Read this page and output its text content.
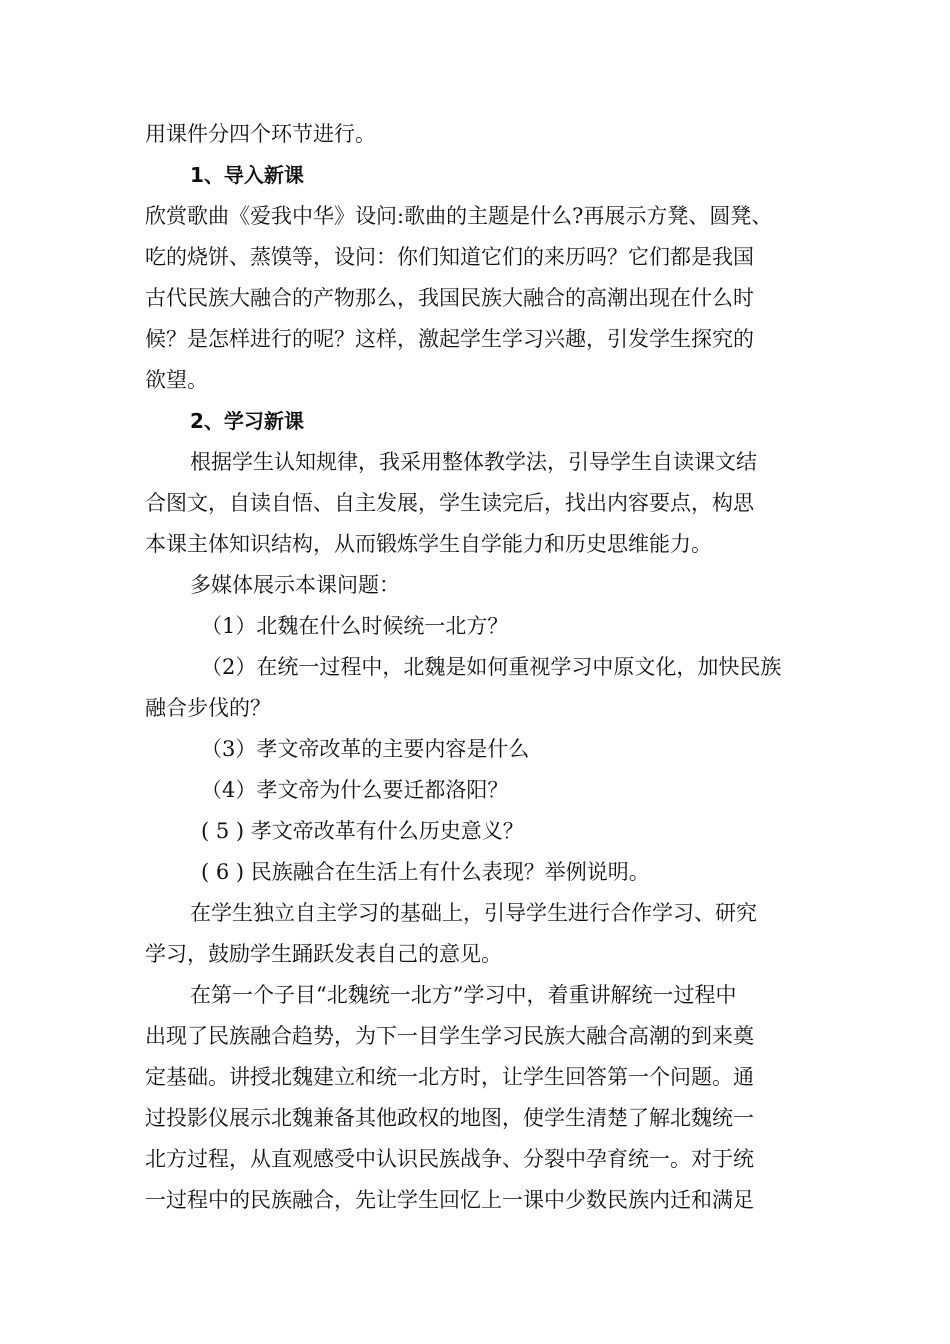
用课件分四个环节进行。
1、导入新课
欣赏歌曲《爱我中华》设问:歌曲的主题是什么?再展示方凳、圆凳、
吃的烧饼、蒸馍等，设问：你们知道它们的来历吗？它们都是我国
古代民族大融合的产物那么，我国民族大融合的高潮出现在什么时
候？是怎样进行的呢？这样，激起学生学习兴趣，引发学生探究的
欲望。
2、学习新课
根据学生认知规律，我采用整体教学法，引导学生自读课文结
合图文，自读自悟、自主发展，学生读完后，找出内容要点，构思
本课主体知识结构，从而锻炼学生自学能力和历史思维能力。
多媒体展示本课问题：
（1）北魏在什么时候统一北方？
（2）在统一过程中，北魏是如何重视学习中原文化，加快民族
融合步伐的？
（3）孝文帝改革的主要内容是什么
（4）孝文帝为什么要迁都洛阳？
( 5 ) 孝文帝改革有什么历史意义？
( 6 ) 民族融合在生活上有什么表现？举例说明。
在学生独立自主学习的基础上，引导学生进行合作学习、研究
学习，鼓励学生踊跃发表自己的意见。
在第一个子目“北魏统一北方”学习中，着重讲解统一过程中
出现了民族融合趋势，为下一目学生学习民族大融合高潮的到来奠
定基础。讲授北魏建立和统一北方时，让学生回答第一个问题。通
过投影仪展示北魏兼备其他政权的地图，使学生清楚了解北魏统一
北方过程，从直观感受中认识民族战争、分裂中孕育统一。对于统
一过程中的民族融合，先让学生回忆上一课中少数民族内迁和满足
